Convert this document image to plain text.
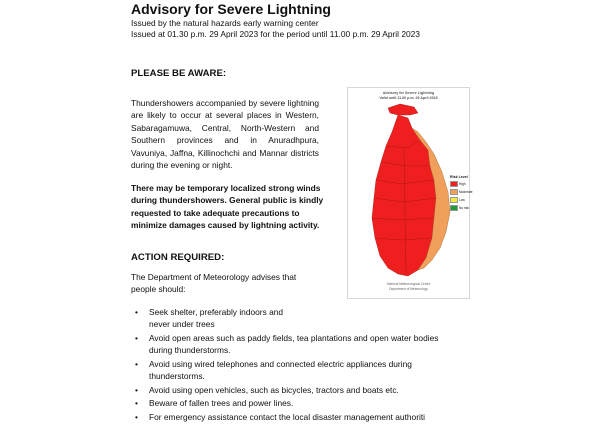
Advisory for Severe Lightning

Issued by the natural hazards early warning center

Issued at 01.30 p.m. 29 April 2023 for the period until 11.00 p.m. 29 April 2023

PLEASE BE AWARE:

Thundershowers accompanied by severe lightning are likely to occur at several places in Western, Sabaragamuwa, Central, North-Western and Southern provinces and in Anuradhpura, Vavuniya, Jaffna, Killinochchi and Mannar districts during the evening or night.

There may be temporary localized strong winds during thundershowers. General public is kindly requested to take adequate precautions to minimize damages caused by lightning activity.

ACTION REQUIRED:

The Department of Meteorology advises that people should:

• Seek shelter, preferably indoors and never under trees
• Avoid open areas such as paddy fields, tea plantations and open water bodies during thunderstorms.
• Avoid using wired telephones and connected electric appliances during thunderstorms.
• Avoid using open vehicles, such as bicycles, tractors and boats etc.
• Beware of fallen trees and power lines.
• For emergency assistance contact the local disaster management authoriti

Advisory for Severe Lightning

Valid until 11.00 p.m. 29 April 2023

Risk Level

High
Moderate
Low
No risk

National Meteorological Centre

Department of Meteorology
